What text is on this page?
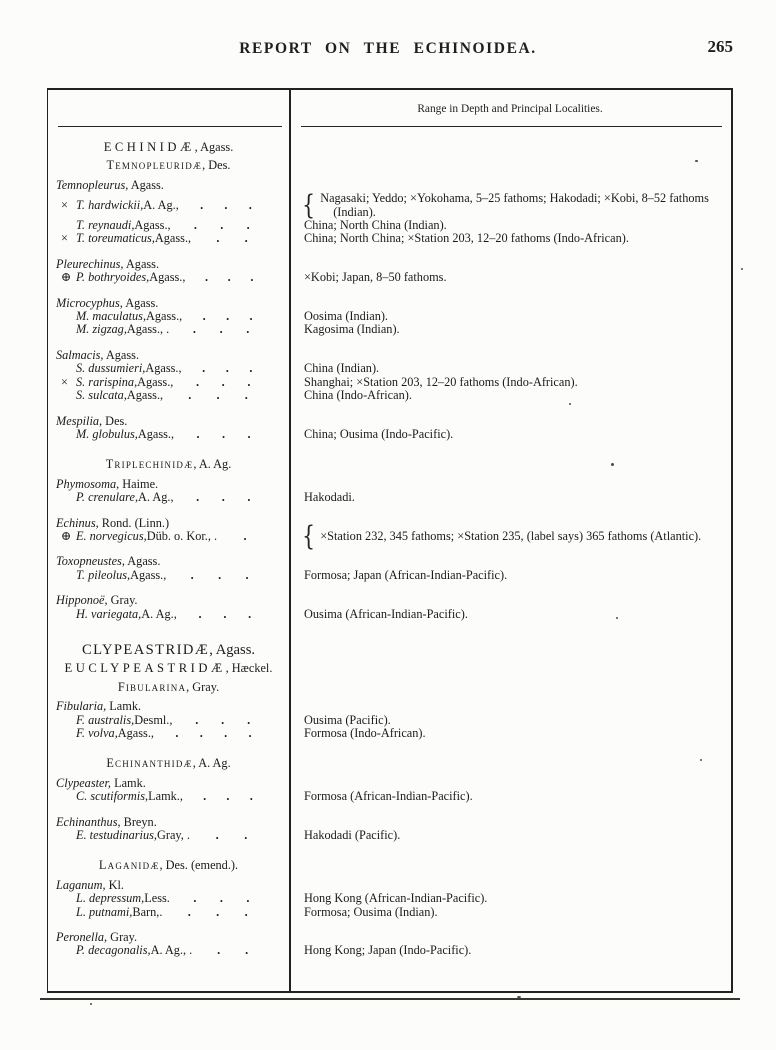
REPORT ON THE ECHINOIDEA.	265
Range in Depth and Principal Localities.
ECHINIDÆ, Agass.
Temnopleuridæ, Des.
Temnopleurus, Agass.
× T. hardwickii, A. Ag., . . . { Nagasaki; Yeddo; ×Yokohama, 5–25 fathoms; Hakodadi; ×Kobi, 8–52 fathoms (Indian).
T. reynaudi, Agass., . . .	China; North China (Indian).
× T. toreumaticus, Agass., . .	China; North China; ×Station 203, 12–20 fathoms (Indo-African).
Pleurechinus, Agass.
⊕ P. bothryoides, Agass., . . .	×Kobi; Japan, 8–50 fathoms.
Microcyphus, Agass.
M. maculatus, Agass., . . .	Oosima (Indian).
M. zigzag, Agass., . . . .	Kagosima (Indian).
Salmacis, Agass.
S. dussumieri, Agass., . . .	China (Indian).
× S. rarispina, Agass., . . .	Shanghai; ×Station 203, 12–20 fathoms (Indo-African).
S. sulcata, Agass., . . .	China (Indo-African).
Mespilia, Des.
M. globulus, Agass., . . .	China; Ousima (Indo-Pacific).
Triplechinidæ, A. Ag.
Phymosoma, Haime.
P. crenulare, A. Ag., . . .	Hakodadi.
Echinus, Rond. (Linn.)
⊕ E. norvegicus, Düb. o. Kor., . . { ×Station 232, 345 fathoms; ×Station 235, (label says) 365 fathoms (Atlantic).
Toxopneustes, Agass.
T. pileolus, Agass., . . .	Formosa; Japan (African-Indian-Pacific).
Hipponoë, Gray.
H. variegata, A. Ag., . . .	Ousima (African-Indian-Pacific).
CLYPEASTRIDÆ, Agass.
EUCLYPEASTRIDÆ, Hæckel.
Fibularina, Gray.
Fibularia, Lamk.
F. australis, Desml., . . .	Ousima (Pacific).
F. volva, Agass., . . . .	Formosa (Indo-African).
Echinanthidæ, A. Ag.
Clypeaster, Lamk.
C. scutiformis, Lamk., . . .	Formosa (African-Indian-Pacific).
Echinanthus, Breyn.
E. testudinarius, Gray, . . .	Hakodadi (Pacific).
Laganidæ, Des. (emend.).
Laganum, Kl.
L. depressum, Less. . . .	Hong Kong (African-Indian-Pacific).
L. putnami, Barn,. . . .	Formosa; Ousima (Indian).
Peronella, Gray.
P. decagonalis, A. Ag., . . .	Hong Kong; Japan (Indo-Pacific).
